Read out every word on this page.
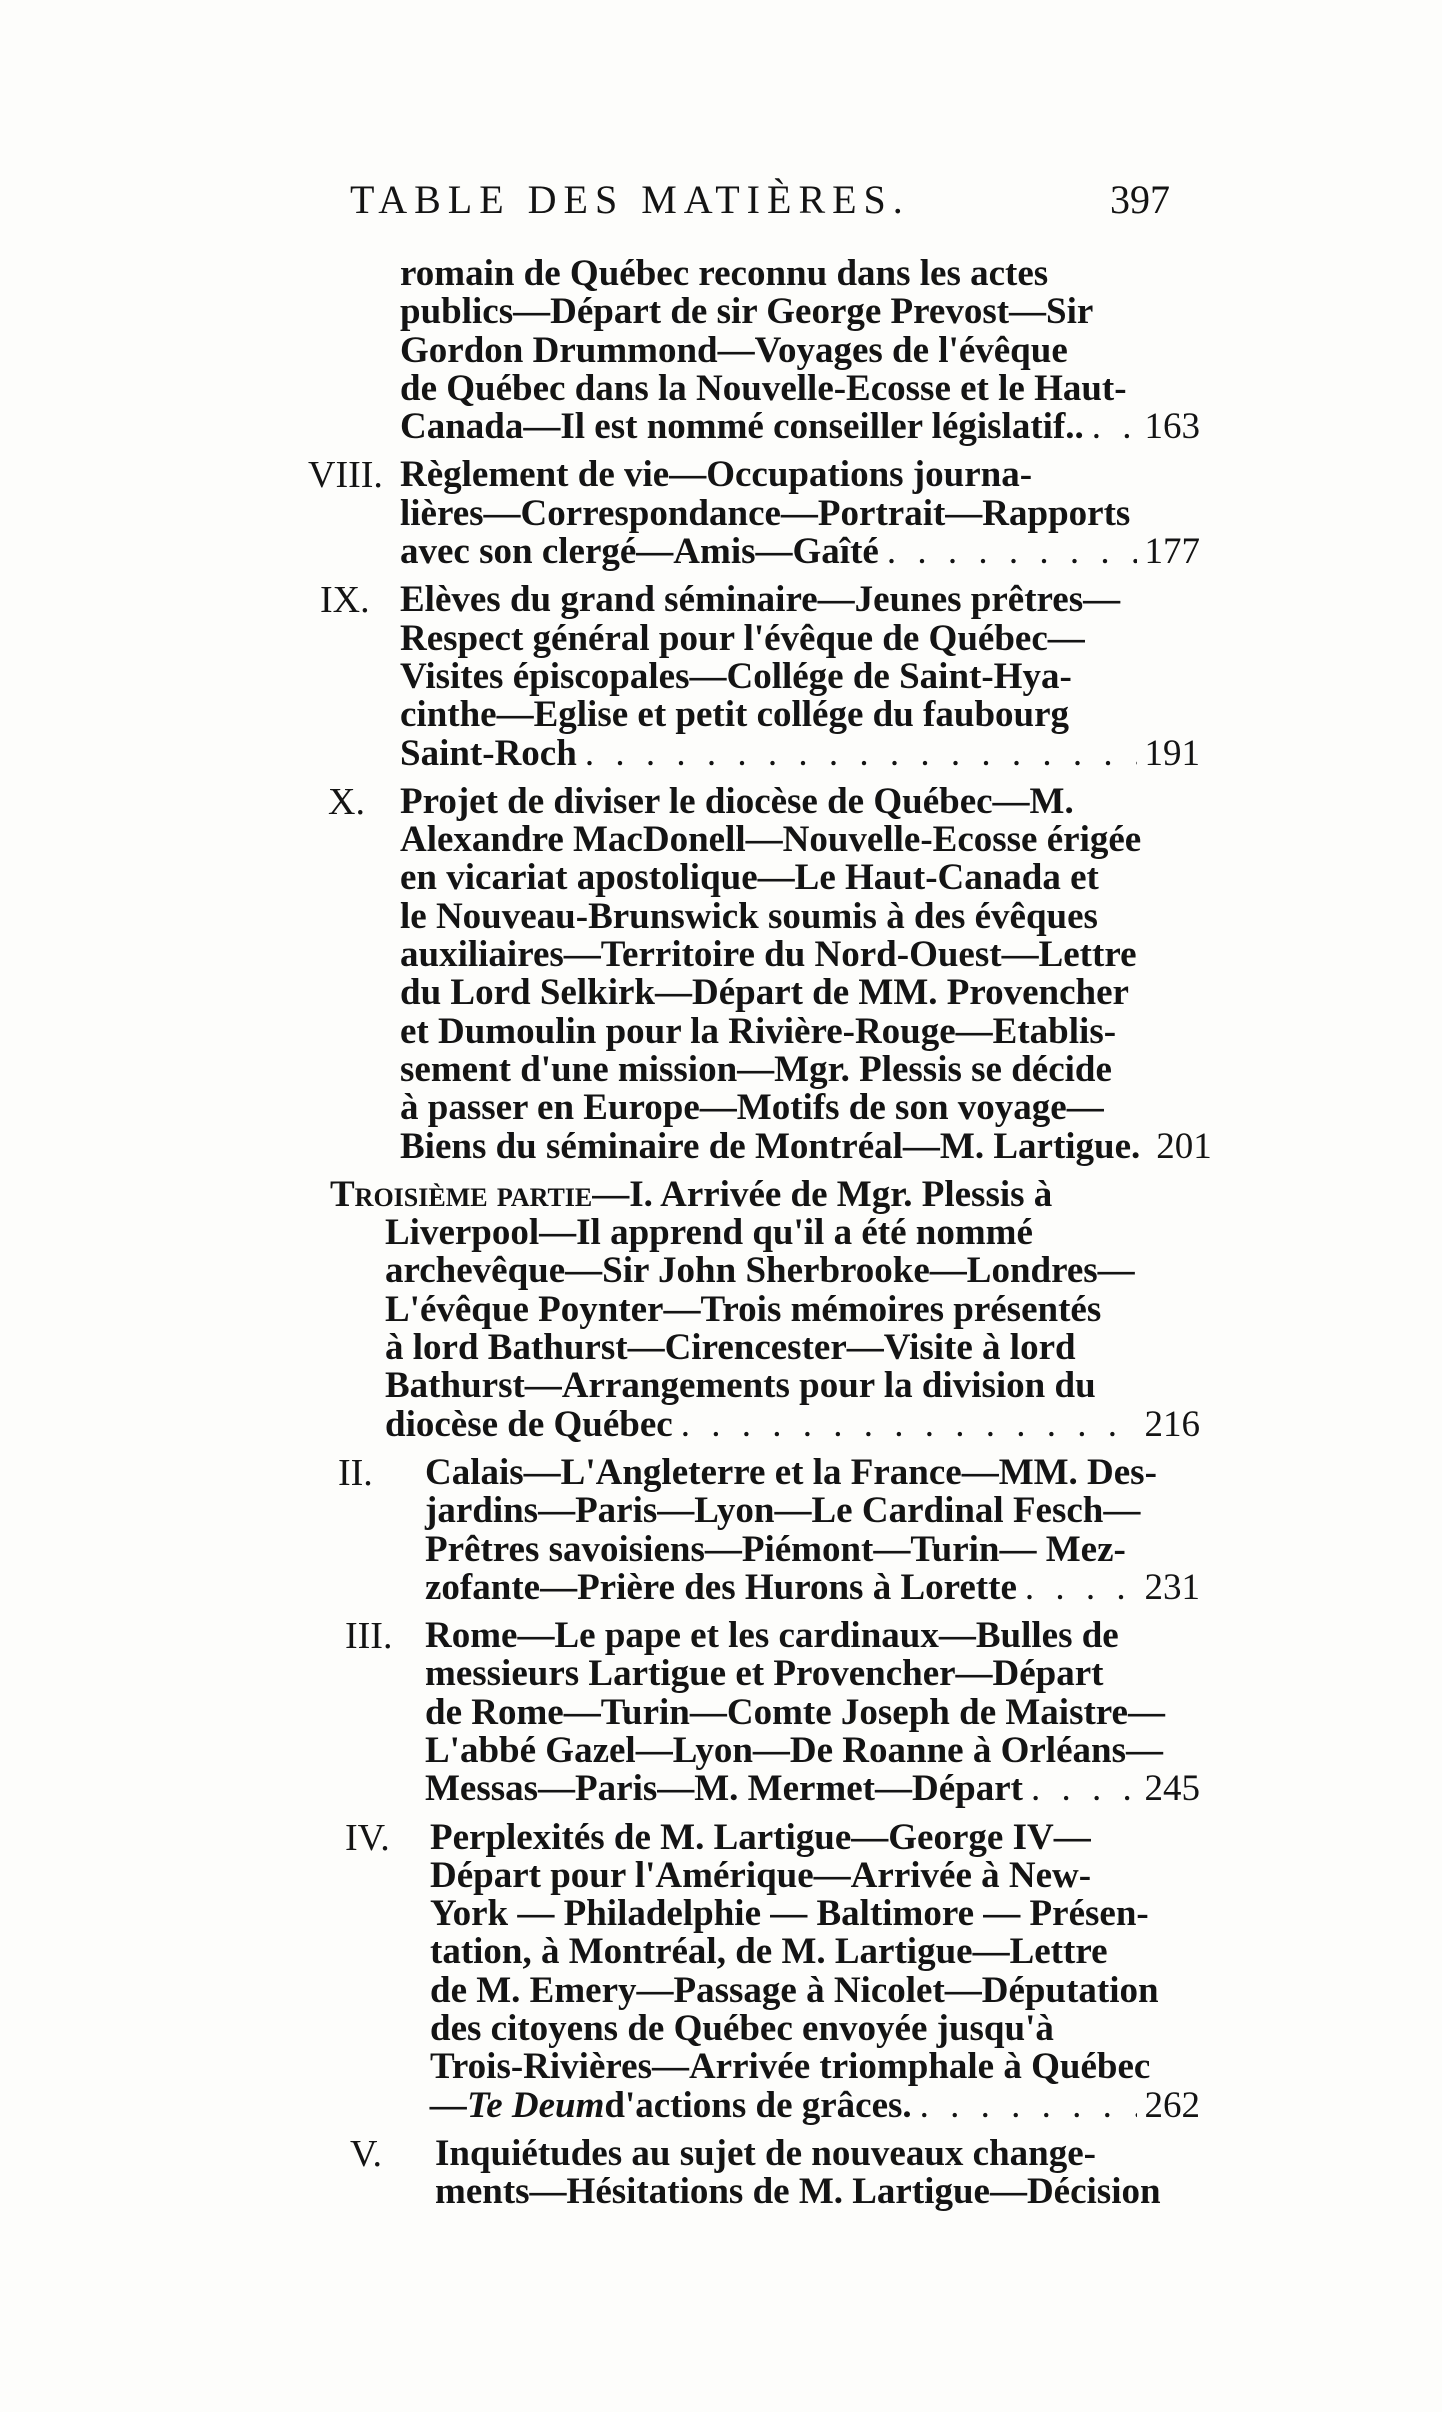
TABLE DES MATIÈRES.	397
romain de Québec reconnu dans les actes
publics—Départ de sir George Prevost—Sir
Gordon Drummond—Voyages de l'évêque
de Québec dans la Nouvelle-Ecosse et le Haut-
Canada—Il est nommé conseiller législatif.. . . . 163
VIII. Règlement de vie—Occupations journa-
lières—Correspondance—Portrait—Rapports
avec son clergé—Amis—Gaîté . . .	177
IX. Elèves du grand séminaire—Jeunes prêtres—
Respect général pour l'évêque de Québec—
Visites épiscopales—Collége de Saint-Hya-
cinthe—Eglise et petit collége du faubourg
Saint-Roch . . .	191
X. Projet de diviser le diocèse de Québec—M.
Alexandre MacDonell—Nouvelle-Ecosse érigée
en vicariat apostolique—Le Haut-Canada et
le Nouveau-Brunswick soumis à des évêques
auxiliaires—Territoire du Nord-Ouest—Lettre
du Lord Selkirk—Départ de MM. Provencher
et Dumoulin pour la Rivière-Rouge—Etablis-
sement d'une mission—Mgr. Plessis se décide
à passer en Europe—Motifs de son voyage—
Biens du séminaire de Montréal—M. Lartigue. 201
Troisième partie —I. Arrivée de Mgr. Plessis à
Liverpool—Il apprend qu'il a été nommé
archevêque—Sir John Sherbrooke—Londres—
L'évêque Poynter—Trois mémoires présentés
à lord Bathurst—Cirencester—Visite à lord
Bathurst—Arrangements pour la division du
diocèse de Québec . . .	216
II. Calais—L'Angleterre et la France—MM. Des-
jardins—Paris—Lyon—Le Cardinal Fesch—
Prêtres savoisiens—Piémont—Turin— Mez-
zofante—Prière des Hurons à Lorette . . .	231
III. Rome—Le pape et les cardinaux—Bulles de
messieurs Lartigue et Provencher—Départ
de Rome—Turin—Comte Joseph de Maistre—
L'abbé Gazel—Lyon—De Roanne à Orléans—
Messas—Paris—M. Mermet—Départ . . .	245
IV. Perplexités de M. Lartigue—George IV—
Départ pour l'Amérique—Arrivée à New-
York — Philadelphie — Baltimore — Présen-
tation, à Montréal, de M. Lartigue—Lettre
de M. Emery—Passage à Nicolet—Députation
des citoyens de Québec envoyée jusqu'à
Trois-Rivières—Arrivée triomphale à Québec
—Te Deum d'actions de grâces. . . .	262
V. Inquiétudes au sujet de nouveaux change-
ments—Hésitations de M. Lartigue—Décision
